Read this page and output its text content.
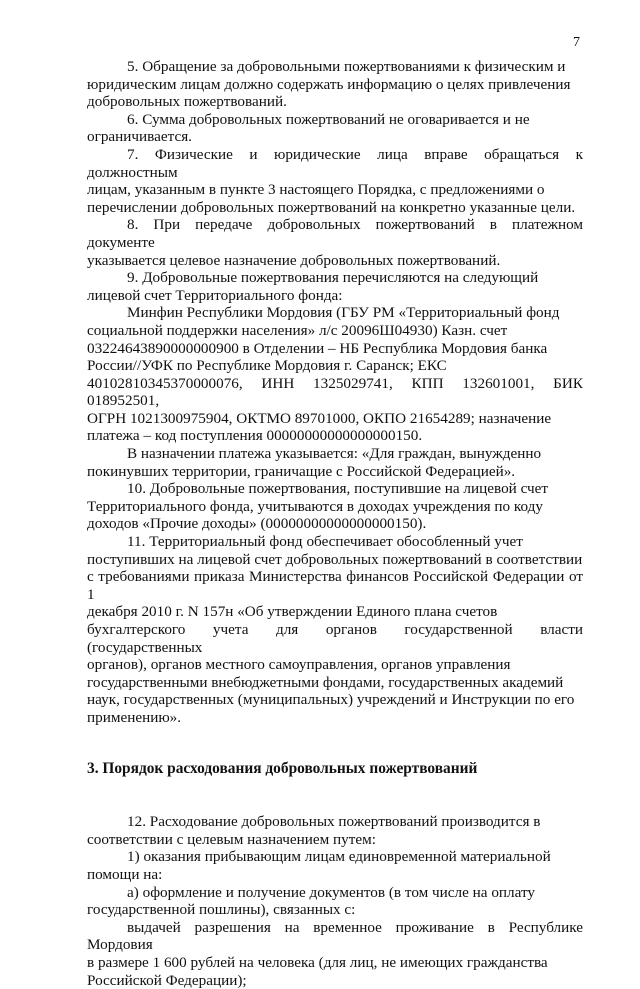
7

5. Обращение за добровольными пожертвованиями к физическим и
юридическим лицам должно содержать информацию о целях привлечения
добровольных пожертвований.

6. Сумма добровольных пожертвований не оговаривается и не
ограничивается.

7. Физические и юридические лица вправе обращаться к должностным
лицам, указанным в пункте 3 настоящего Порядка, с предложениями о
перечислении добровольных пожертвований на конкретно указанные цели.

8. При передаче добровольных пожертвований в платежном документе
указывается целевое назначение добровольных пожертвований.

9. Добровольные пожертвования перечисляются на следующий
лицевой счет Территориального фонда:

Минфин Республики Мордовия (ГБУ РМ «Территориальный фонд
социальной поддержки населения» л/с 20096Ш04930) Казн. счет
03224643890000000900 в Отделении – НБ Республика Мордовия банка
России//УФК по Республике Мордовия г. Саранск; ЕКС
40102810345370000076, ИНН 1325029741, КПП 132601001, БИК 018952501,
ОГРН 1021300975904, ОКТМО 89701000, ОКПО 21654289; назначение
платежа – код поступления 00000000000000000150.

В назначении платежа указывается: «Для граждан, вынужденно
покинувших территории, граничащие с Российской Федерацией».

10. Добровольные пожертвования, поступившие на лицевой счет
Территориального фонда, учитываются в доходах учреждения по коду
доходов «Прочие доходы» (00000000000000000150).

11. Территориальный фонд обеспечивает обособленный учет
поступивших на лицевой счет добровольных пожертвований в соответствии
с требованиями приказа Министерства финансов Российской Федерации от 1
декабря 2010 г. N 157н «Об утверждении Единого плана счетов
бухгалтерского учета для органов государственной власти (государственных
органов), органов местного самоуправления, органов управления
государственными внебюджетными фондами, государственных академий
наук, государственных (муниципальных) учреждений и Инструкции по его
применению».

3. Порядок расходования добровольных пожертвований

12. Расходование добровольных пожертвований производится в
соответствии с целевым назначением путем:

1) оказания прибывающим лицам единовременной материальной
помощи на:

а) оформление и получение документов (в том числе на оплату
государственной пошлины), связанных с:

выдачей разрешения на временное проживание в Республике Мордовия
в размере 1 600 рублей на человека (для лиц, не имеющих гражданства
Российской Федерации);
